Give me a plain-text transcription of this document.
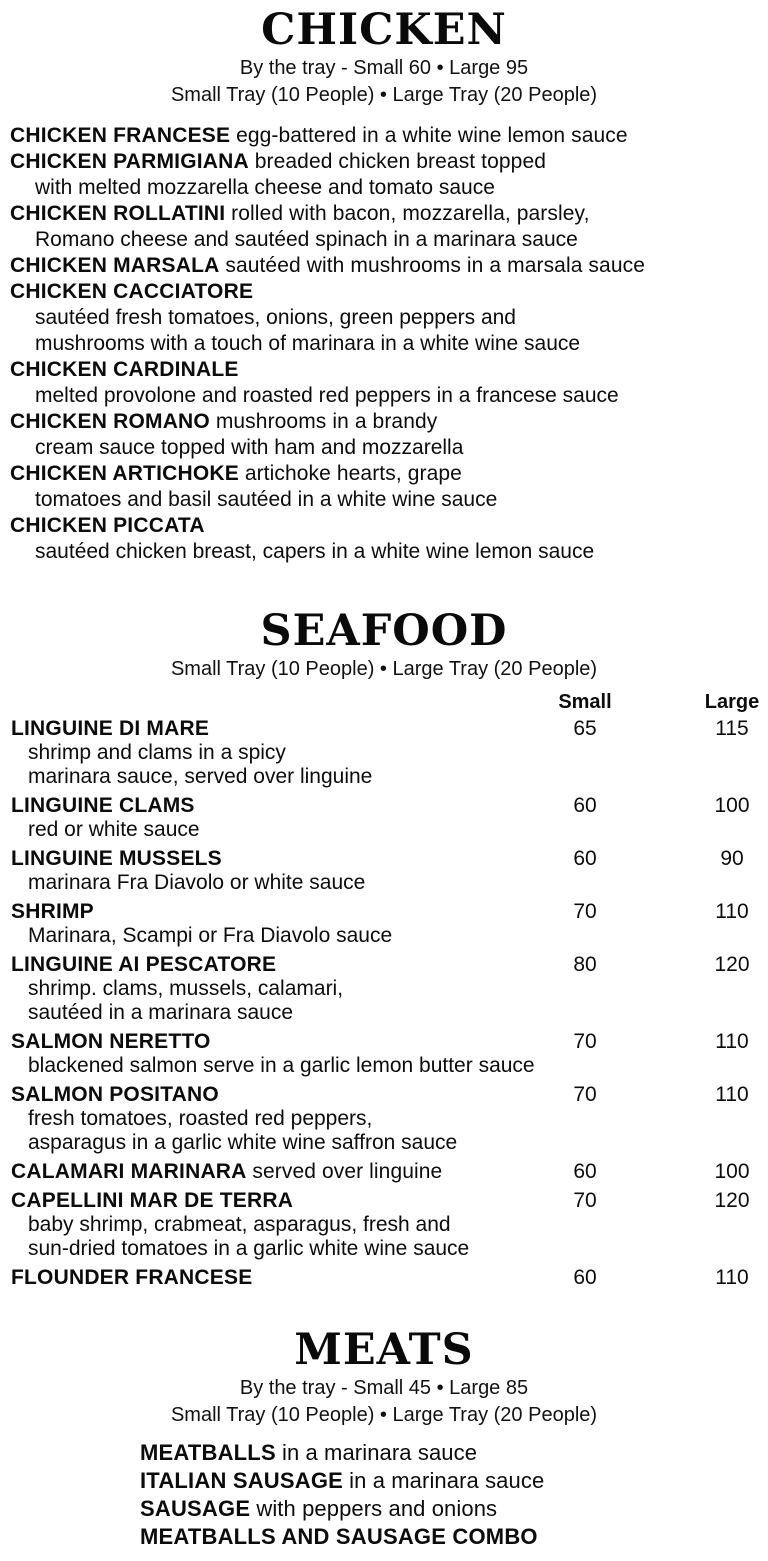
CHICKEN
By the tray - Small 60 • Large 95
Small Tray (10 People) • Large Tray (20 People)
CHICKEN FRANCESE egg-battered in a white wine lemon sauce
CHICKEN PARMIGIANA breaded chicken breast topped
with melted mozzarella cheese and tomato sauce
CHICKEN ROLLATINI rolled with bacon, mozzarella, parsley,
Romano cheese and sautéed spinach in a marinara sauce
CHICKEN MARSALA sautéed with mushrooms in a marsala sauce
CHICKEN CACCIATORE
sautéed fresh tomatoes, onions, green peppers and
mushrooms with a touch of marinara in a white wine sauce
CHICKEN CARDINALE
melted provolone and roasted red peppers in a francese sauce
CHICKEN ROMANO mushrooms in a brandy
cream sauce topped with ham and mozzarella
CHICKEN ARTICHOKE artichoke hearts, grape
tomatoes and basil sautéed in a white wine sauce
CHICKEN PICCATA
sautéed chicken breast, capers in a white wine lemon sauce
SEAFOOD
Small Tray (10 People) • Large Tray (20 People)
Small	Large
LINGUINE DI MARE	65	115
shrimp and clams in a spicy
marinara sauce, served over linguine
LINGUINE CLAMS	60	100
red or white sauce
LINGUINE MUSSELS	60	90
marinara Fra Diavolo or white sauce
SHRIMP	70	110
Marinara, Scampi or Fra Diavolo sauce
LINGUINE AI PESCATORE	80	120
shrimp. clams, mussels, calamari,
sautéed in a marinara sauce
SALMON NERETTO	70	110
blackened salmon serve in a garlic lemon butter sauce
SALMON POSITANO	70	110
fresh tomatoes, roasted red peppers,
asparagus in a garlic white wine saffron sauce
CALAMARI MARINARA served over linguine	60	100
CAPELLINI MAR DE TERRA	70	120
baby shrimp, crabmeat, asparagus, fresh and
sun-dried tomatoes in a garlic white wine sauce
FLOUNDER FRANCESE	60	110
MEATS
By the tray - Small 45 • Large 85
Small Tray (10 People) • Large Tray (20 People)
MEATBALLS in a marinara sauce
ITALIAN SAUSAGE in a marinara sauce
SAUSAGE with peppers and onions
MEATBALLS AND SAUSAGE COMBO
